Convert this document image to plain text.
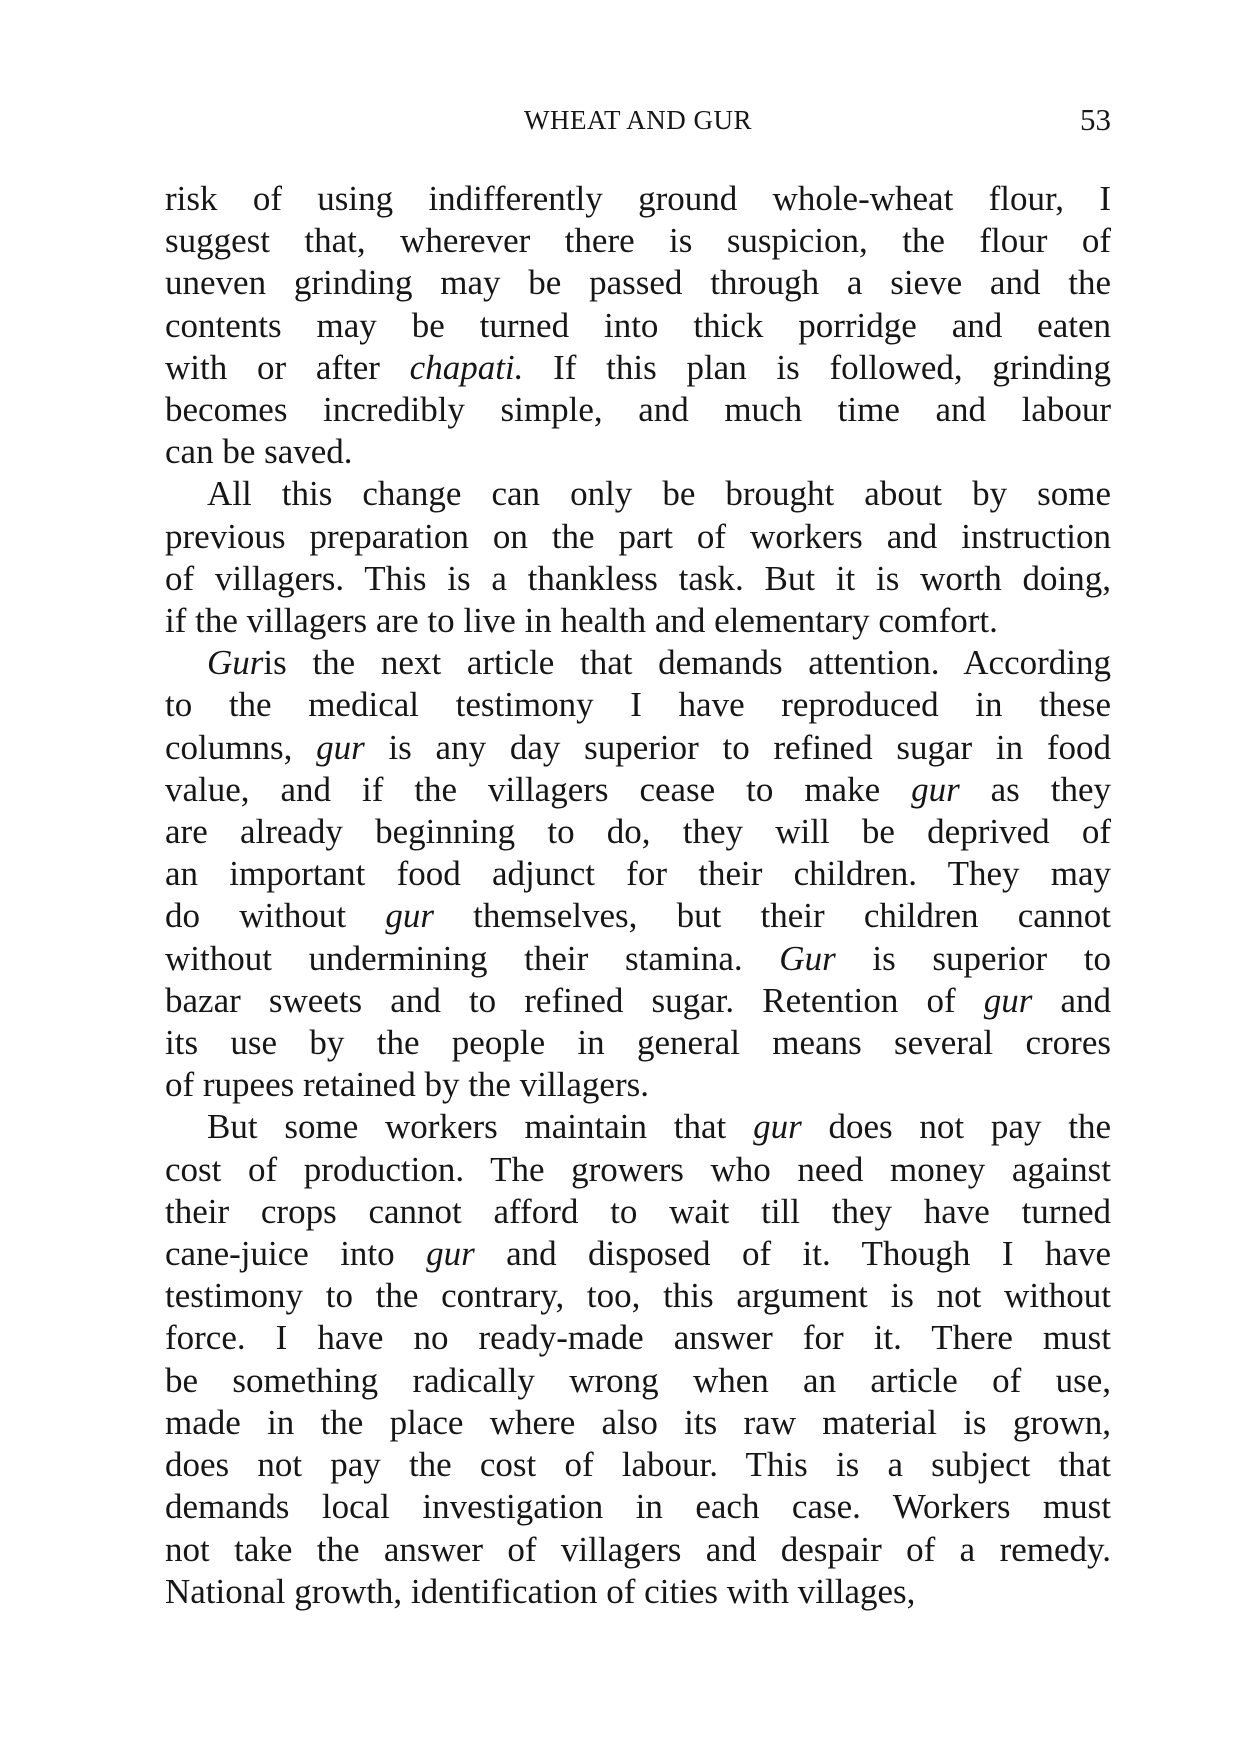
WHEAT AND GUR	53
risk of using indifferently ground whole-wheat flour, I
suggest that, wherever there is suspicion, the flour of
uneven grinding may be passed through a sieve and the
contents may be turned into thick porridge and eaten
with or after chapati. If this plan is followed, grinding
becomes incredibly simple, and much time and labour
can be saved.
All this change can only be brought about by some
previous preparation on the part of workers and instruction
of villagers. This is a thankless task. But it is worth doing,
if the villagers are to live in health and elementary comfort.
Guris the next article that demands attention. According
to the medical testimony I have reproduced in these
columns, gur is any day superior to refined sugar in food
value, and if the villagers cease to make gur as they
are already beginning to do, they will be deprived of
an important food adjunct for their children. They may
do without gur themselves, but their children cannot
without undermining their stamina. Gur is superior to
bazar sweets and to refined sugar. Retention of gur and
its use by the people in general means several crores
of rupees retained by the villagers.
But some workers maintain that gur does not pay the
cost of production. The growers who need money against
their crops cannot afford to wait till they have turned
cane-juice into gur and disposed of it. Though I have
testimony to the contrary, too, this argument is not without
force. I have no ready-made answer for it. There must
be something radically wrong when an article of use,
made in the place where also its raw material is grown,
does not pay the cost of labour. This is a subject that
demands local investigation in each case. Workers must
not take the answer of villagers and despair of a remedy.
National growth, identification of cities with villages,
